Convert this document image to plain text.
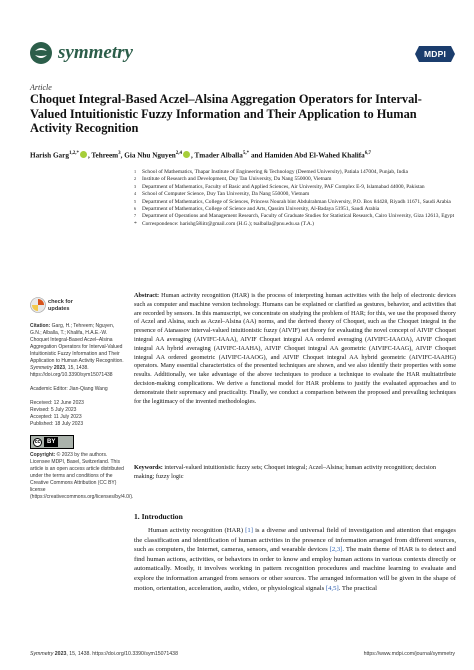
symmetry	MDPI
Article
Choquet Integral-Based Aczel–Alsina Aggregation Operators for Interval-Valued Intuitionistic Fuzzy Information and Their Application to Human Activity Recognition
Harish Garg$^{1,2,*}$ , Tehreem$^3$, Gia Nhu Nguyen$^{2,4}$ , Tmader Alballa$^{5,*}$ and Hamiden Abd El-Wahed Khalifa$^{6,7}$
1	School of Mathematics, Thapar Institute of Engineering & Technology (Deemed University), Patiala 147004, Punjab, India
2	Institute of Research and Development, Duy Tan University, Da Nang 550000, Vietnam
3	Department of Mathematics, Faculty of Basic and Applied Sciences, Air University, PAF Complex E-9, Islamabad 44000, Pakistan
4	School of Computer Science, Duy Tan University, Da Nang 550000, Vietnam
5	Department of Mathematics, College of Sciences, Princess Nourah bint Abdulrahman University, P.O. Box 84428, Riyadh 11671, Saudi Arabia
6	Department of Mathematics, College of Science and Arts, Qassim University, Al-Badaya 51951, Saudi Arabia
7	Department of Operations and Management Research, Faculty of Graduate Studies for Statistical Research, Cairo University, Giza 12613, Egypt
* Correspondence: harishg58iitr@gmail.com (H.G.); tsalballa@pnu.edu.sa (T.A.)
check for
updates
Citation: Garg, H.; Tehreem; Nguyen, G.N.; Alballa, T.; Khalifa, H.A.E.-W. Choquet Integral-Based Aczel–Alsina Aggregation Operators for Interval-Valued Intuitionistic Fuzzy Information and Their Application to Human Activity Recognition. Symmetry 2023, 15, 1438. https://doi.org/10.3390/sym15071438
Academic Editor: Jian-Qiang Wang
Received: 12 June 2023
Revised: 5 July 2023
Accepted: 11 July 2023
Published: 18 July 2023
cc	BY
Copyright: © 2023 by the authors. Licensee MDPI, Basel, Switzerland. This article is an open access article distributed under the terms and conditions of the Creative Commons Attribution (CC BY) license (https://creativecommons.org/licenses/by/4.0/).
Abstract: Human activity recognition (HAR) is the process of interpreting human activities with the help of electronic devices such as computer and machine version technology. Humans can be explained or clarified as gestures, behavior, and activities that are recorded by sensors. In this manuscript, we concentrate on studying the problem of HAR; for this, we use the proposed theory of Aczel and Alsina, such as Aczel–Alsina (AA) norms, and the derived theory of Choquet, such as the Choquet integral in the presence of Atanassov interval-valued intuitionistic fuzzy (AIVIF) set theory for evaluating the novel concept of AIVIF Choquet integral AA averaging (AIVIFC-IAAA), AIVIF Choquet integral AA ordered averaging (AIVIFC-IAAOA), AIVIF Choquet integral AA hybrid averaging (AIVIFC-IAAHA), AIVIF Choquet integral AA geometric (AIVIFC-IAAG), AIVIF Choquet integral AA ordered geometric (AIVIFC-IAAOG), and AIVIF Choquet integral AA hybrid geometric (AIVIFC-IAAHG) operators. Many essential characteristics of the presented techniques are shown, and we also identify their properties with some results. Additionally, we take advantage of the above techniques to produce a technique to evaluate the HAR multiattribute decision-making complications. We derive a functional model for HAR problems to justify the evaluated approaches and to demonstrate their supremacy and practicality. Finally, we conduct a comparison between the proposed and prevailing techniques for the legitimacy of the invented methodologies.
Keywords: interval-valued intuitionistic fuzzy sets; Choquet integral; Aczel–Alsina; human activity recognition; decision making; fuzzy logic
1. Introduction
Human activity recognition (HAR) [1] is a diverse and universal field of investigation and attention that engages the classification and identification of human activities in the presence of information arranged from different sources, such as computers, the Internet, cameras, sensors, and wearable devices [2,3]. The main theme of HAR is to detect and find human actions, activities, or behaviors in order to know and employ human actions in various contexts directly or automatically. Mostly, it involves working in pattern recognition procedures and machine learning to evaluate and explore the information arranged from sensors or other sources. The arranged information will be given in the shape of motion, orientation, acceleration, audio, video, or physiological signals [4,5]. The practical
Symmetry 2023, 15, 1438. https://doi.org/10.3390/sym15071438	https://www.mdpi.com/journal/symmetry
